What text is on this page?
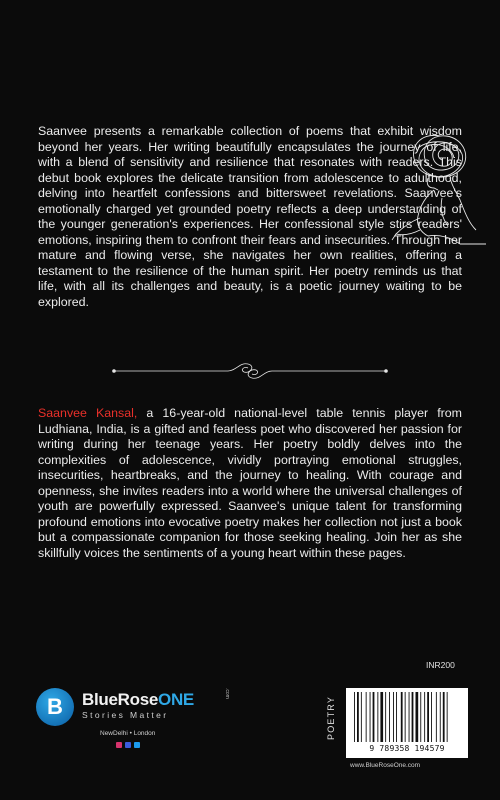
Saanvee presents a remarkable collection of poems that exhibit wisdom beyond her years. Her writing beautifully encapsulates the journey of life, with a blend of sensitivity and resilience that resonates with readers. This debut book explores the delicate transition from adolescence to adulthood, delving into heartfelt confessions and bittersweet revelations. Saanvee's emotionally charged yet grounded poetry reflects a deep understanding of the younger generation's experiences. Her confessional style stirs readers' emotions, inspiring them to confront their fears and insecurities. Through her mature and flowing verse, she navigates her own realities, offering a testament to the resilience of the human spirit. Her poetry reminds us that life, with all its challenges and beauty, is a poetic journey waiting to be explored.

Saanvee Kansal, a 16-year-old national-level table tennis player from Ludhiana, India, is a gifted and fearless poet who discovered her passion for writing during her teenage years. Her poetry boldly delves into the complexities of adolescence, vividly portraying emotional struggles, insecurities, heartbreaks, and the journey to healing. With courage and openness, she invites readers into a world where the universal challenges of youth are powerfully expressed. Saanvee's unique talent for transforming profound emotions into evocative poetry makes her collection not just a book but a compassionate companion for those seeking healing. Join her as she skillfully voices the sentiments of a young heart within these pages.

B	BlueRoseONE	.com
Stories Matter
NewDelhi • London	POETRY
INR200
9 789358 194579
www.BlueRoseOne.com
